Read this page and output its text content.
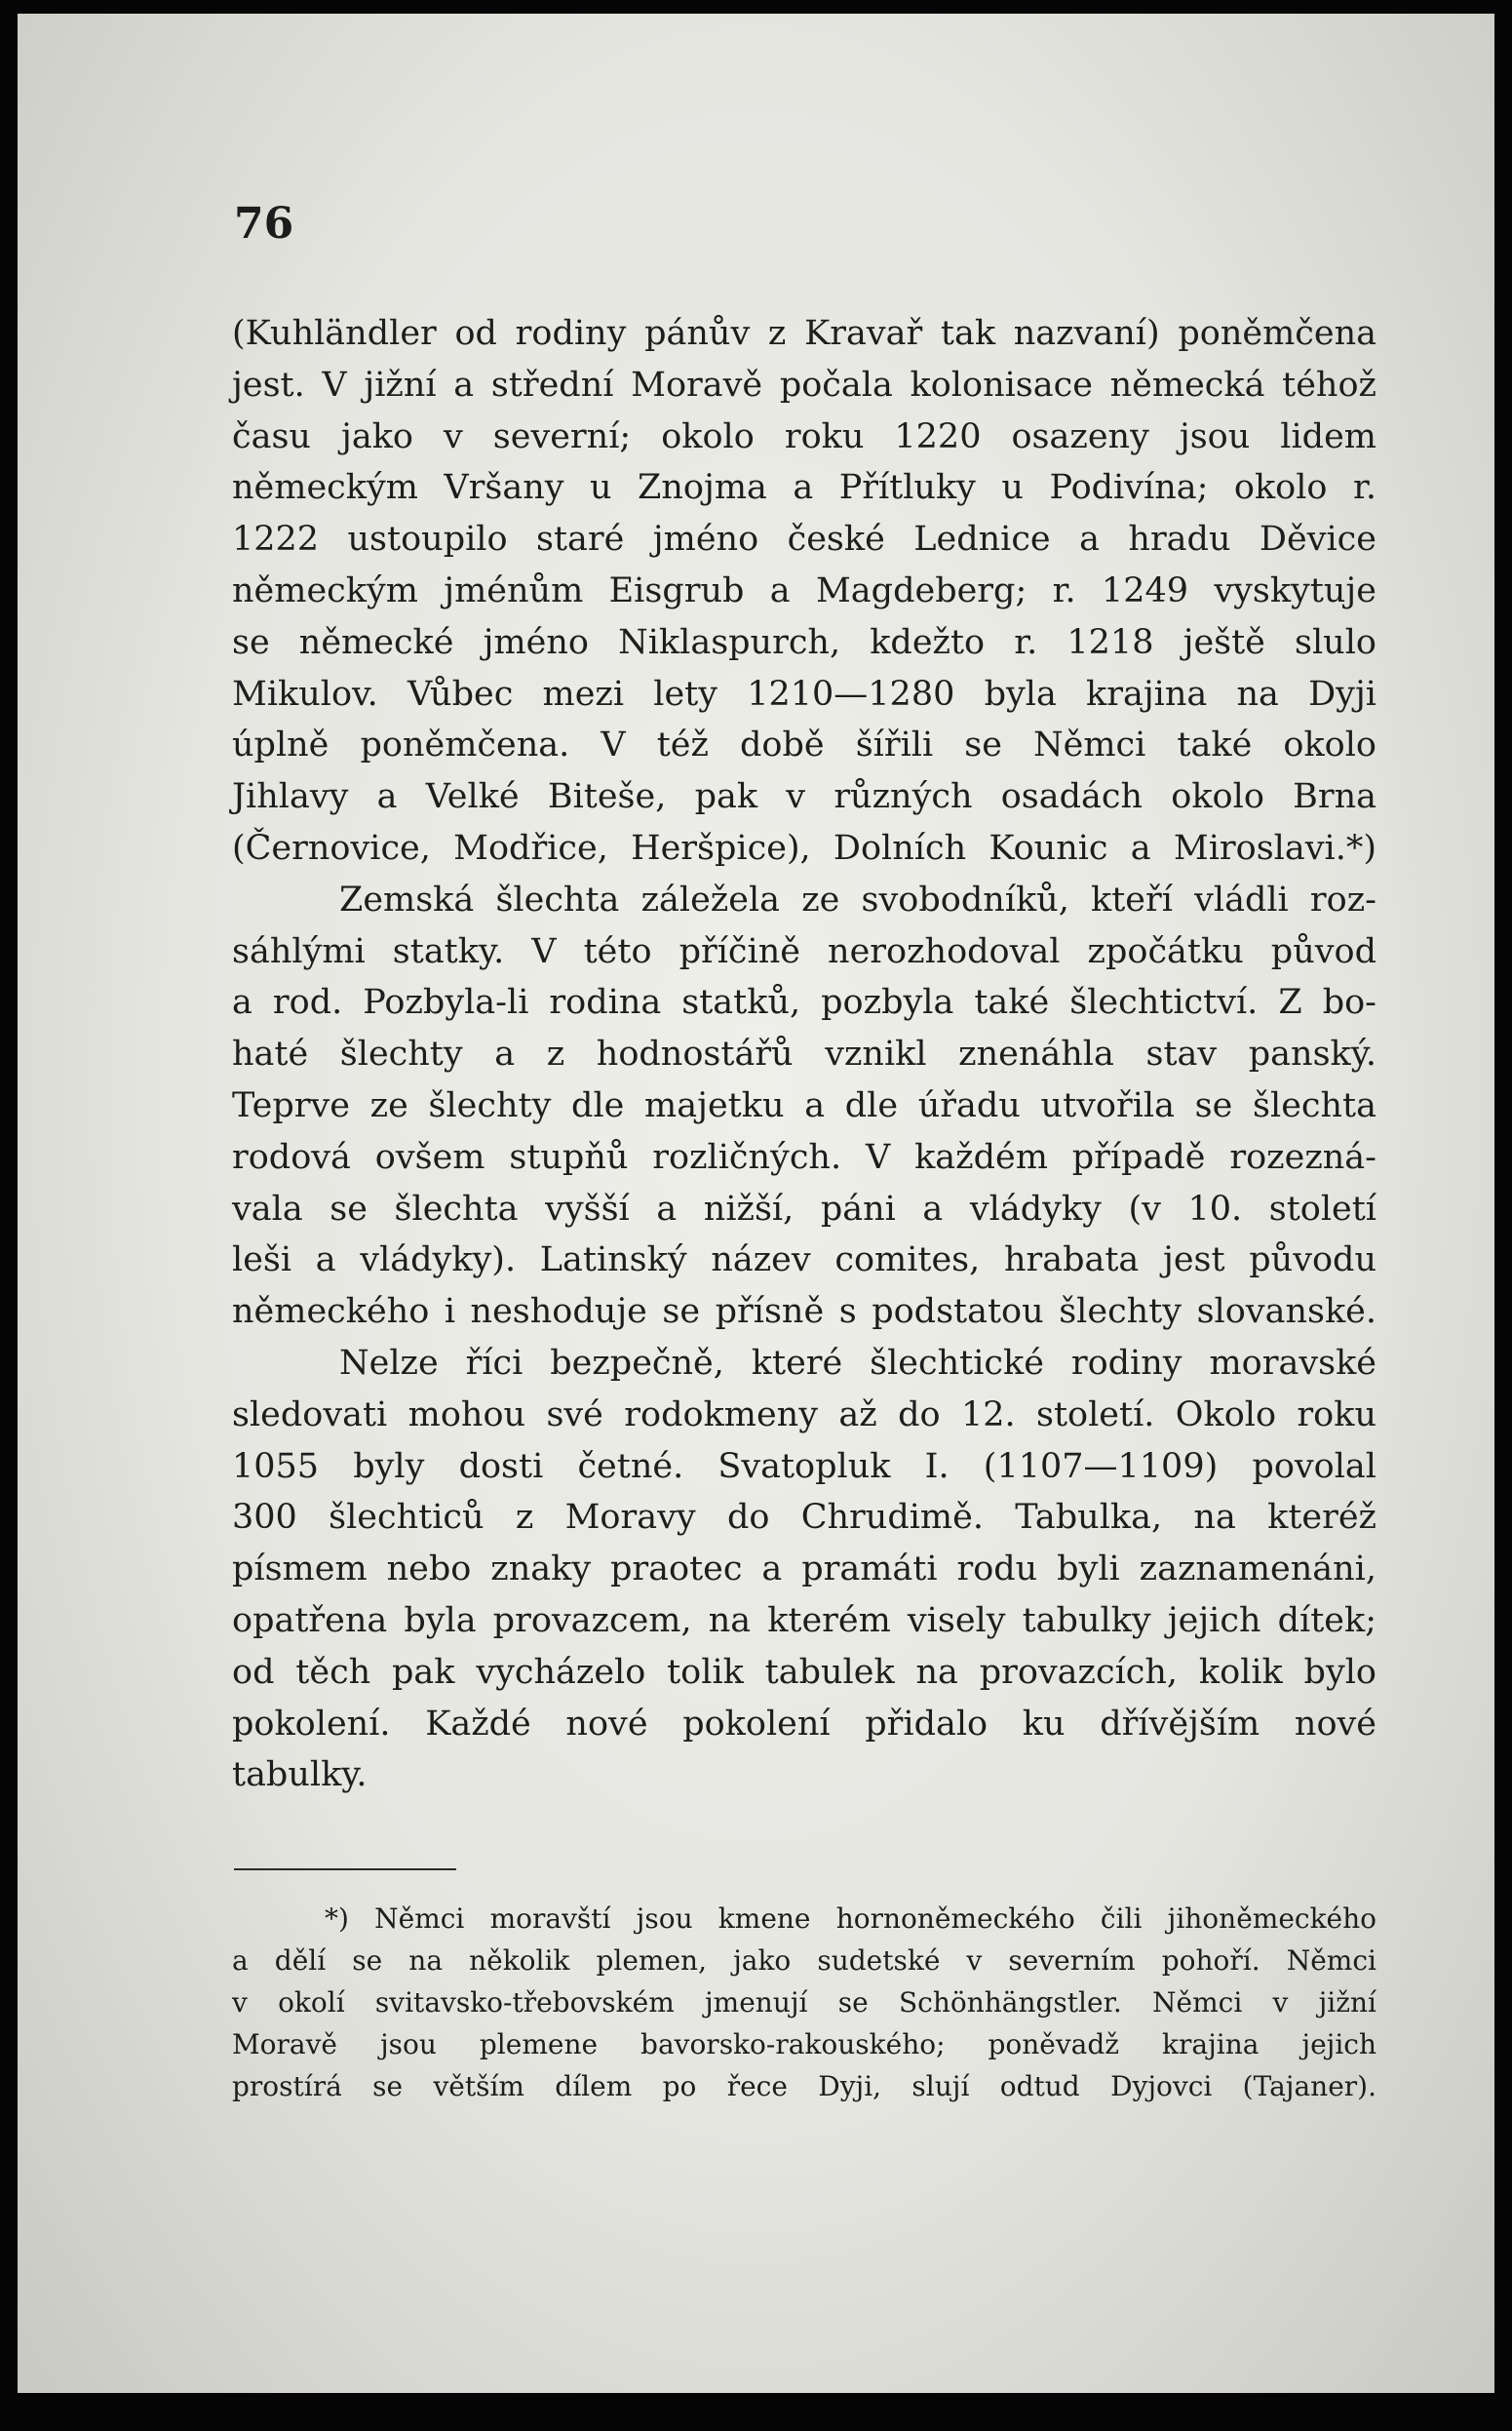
76
(Kuhländler od rodiny pánův z Kravař tak nazvaní) poněmčena
jest. V jižní a střední Moravě počala kolonisace německá téhož
času jako v severní; okolo roku 1220 osazeny jsou lidem
německým Vršany u Znojma a Přítluky u Podivína; okolo r.
1222 ustoupilo staré jméno české Lednice a hradu Děvice
německým jménům Eisgrub a Magdeberg; r. 1249 vyskytuje
se německé jméno Niklaspurch, kdežto r. 1218 ještě slulo
Mikulov. Vůbec mezi lety 1210—1280 byla krajina na Dyji
úplně poněmčena. V též době šířili se Němci také okolo
Jihlavy a Velké Biteše, pak v různých osadách okolo Brna
(Černovice, Modřice, Heršpice), Dolních Kounic a Miroslavi.*)
Zemská šlechta záležela ze svobodníků, kteří vládli roz-
sáhlými statky. V této příčině nerozhodoval zpočátku původ
a rod. Pozbyla-li rodina statků, pozbyla také šlechtictví. Z bo-
haté šlechty a z hodnostářů vznikl znenáhla stav panský.
Teprve ze šlechty dle majetku a dle úřadu utvořila se šlechta
rodová ovšem stupňů rozličných. V každém případě rozezná-
vala se šlechta vyšší a nižší, páni a vládyky (v 10. století
leši a vládyky). Latinský název comites, hrabata jest původu
německého i neshoduje se přísně s podstatou šlechty slovanské.
Nelze říci bezpečně, které šlechtické rodiny moravské
sledovati mohou své rodokmeny až do 12. století. Okolo roku
1055 byly dosti četné. Svatopluk I. (1107—1109) povolal
300 šlechticů z Moravy do Chrudimě. Tabulka, na kteréž
písmem nebo znaky praotec a pramáti rodu byli zaznamenáni,
opatřena byla provazcem, na kterém visely tabulky jejich dítek;
od těch pak vycházelo tolik tabulek na provazcích, kolik bylo
pokolení. Každé nové pokolení přidalo ku dřívějším nové
tabulky.
*) Němci moravští jsou kmene hornoněmeckého čili jihoněmeckého
a dělí se na několik plemen, jako sudetské v severním pohoří. Němci
v okolí svitavsko-třebovském jmenují se Schönhängstler. Němci v jižní
Moravě jsou plemene bavorsko-rakouského; poněvadž krajina jejich
prostírá se větším dílem po řece Dyji, slují odtud Dyjovci (Tajaner).
